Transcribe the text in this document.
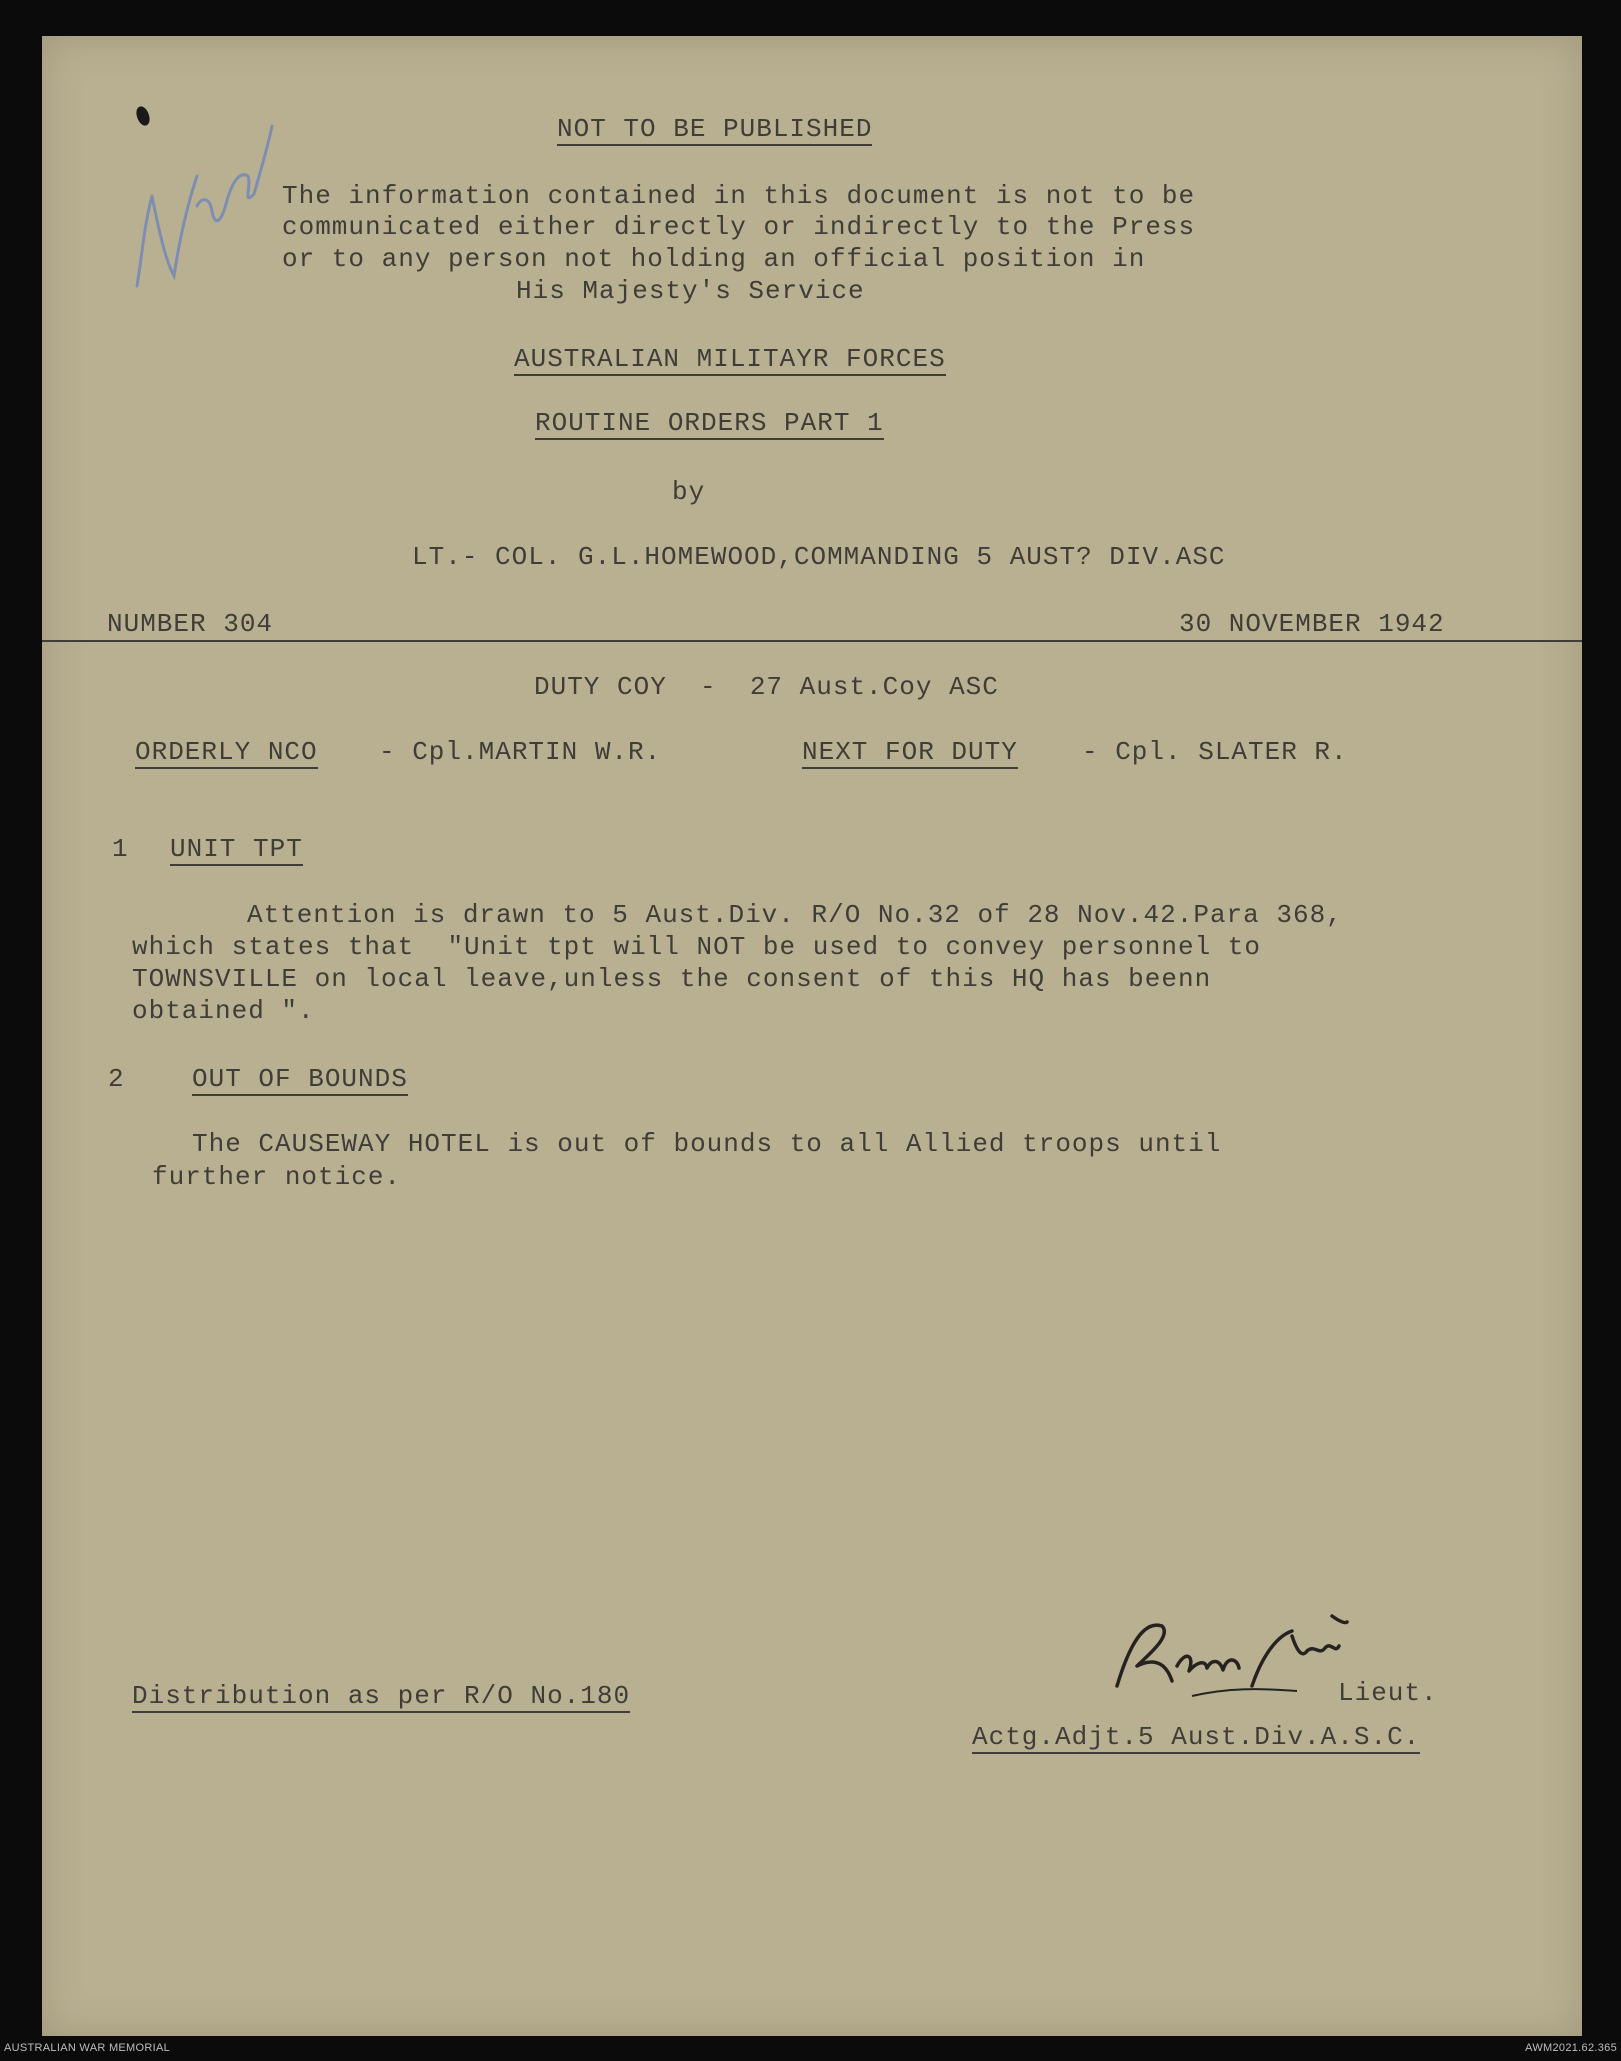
NOT TO BE PUBLISHED
The information contained in this document is not to be
communicated either directly or indirectly to the Press
or to any person not holding an official position in
His Majesty's Service
AUSTRALIAN MILITAYR FORCES
ROUTINE ORDERS PART 1
by
LT.- COL. G.L.HOMEWOOD,COMMANDING 5 AUST? DIV.ASC
NUMBER 304	30 NOVEMBER 1942
DUTY COY  -  27 Aust.Coy ASC
ORDERLY NCO - Cpl.MARTIN W.R.	NEXT FOR DUTY - Cpl. SLATER R.
1 UNIT TPT
Attention is drawn to 5 Aust.Div. R/O No.32 of 28 Nov.42.Para 368,
which states that  "Unit tpt will NOT be used to convey personnel to
TOWNSVILLE on local leave,unless the consent of this HQ has beenn
obtained ".
2	OUT OF BOUNDS
The CAUSEWAY HOTEL is out of bounds to all Allied troops until
further notice.
Distribution as per R/O No.180	Lieut.
Actg.Adjt.5 Aust.Div.A.S.C.
AUSTRALIAN WAR MEMORIAL	AWM2021.62.365
